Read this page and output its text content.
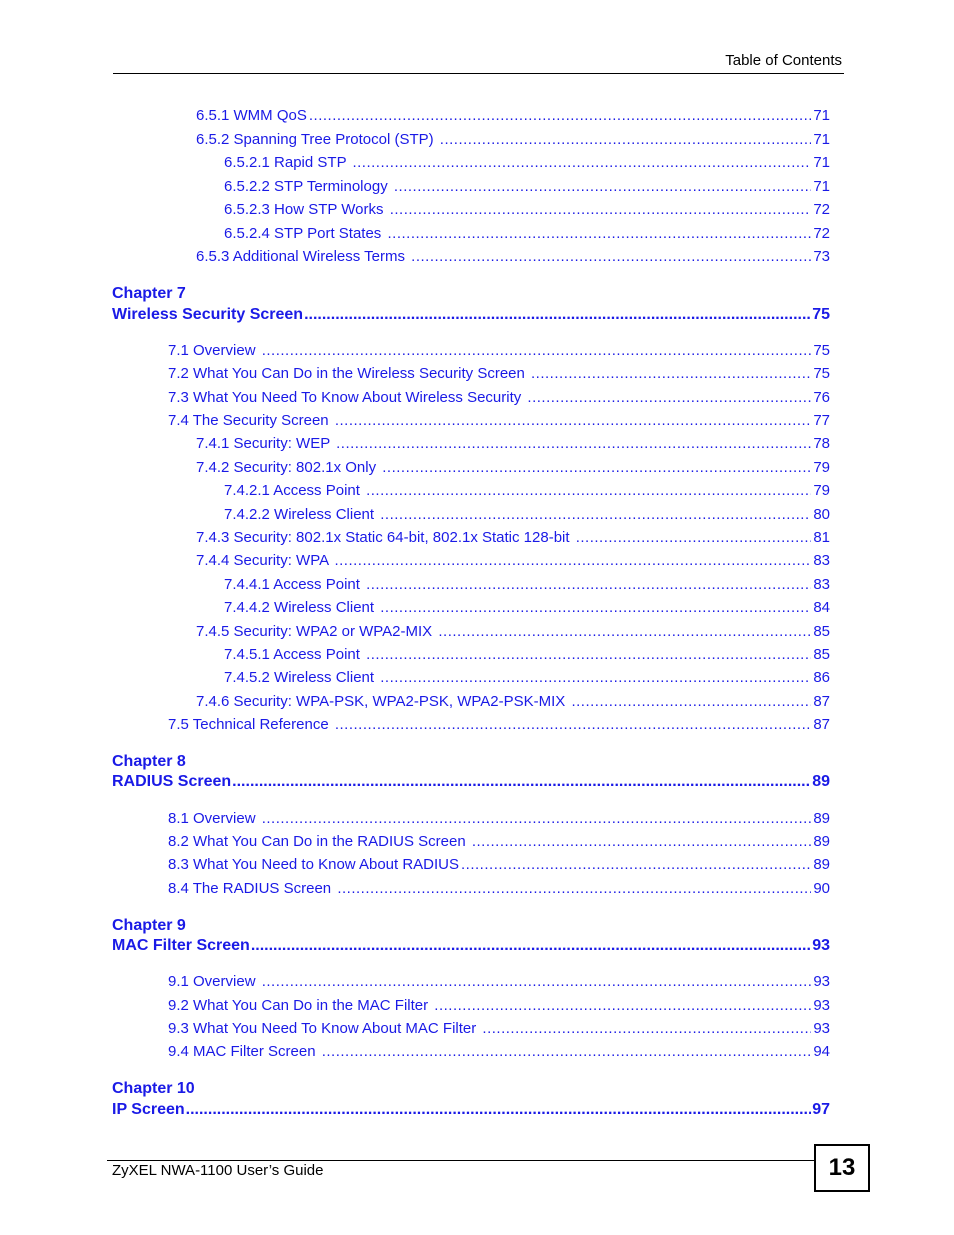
Table of Contents
6.5.1 WMM QoS .....	71
6.5.2 Spanning Tree Protocol (STP) .....	71
6.5.2.1 Rapid STP .....	71
6.5.2.2 STP Terminology .....	71
6.5.2.3 How STP Works .....	72
6.5.2.4 STP Port States .....	72
6.5.3 Additional Wireless Terms .....	73
Chapter 7
Wireless Security Screen .....	75
7.1 Overview .....	75
7.2 What You Can Do in the Wireless Security Screen .....	75
7.3 What You Need To Know About Wireless Security .....	76
7.4 The Security Screen .....	77
7.4.1 Security: WEP .....	78
7.4.2 Security: 802.1x Only .....	79
7.4.2.1 Access Point .....	79
7.4.2.2 Wireless Client .....	80
7.4.3 Security: 802.1x Static 64-bit, 802.1x Static 128-bit .....	81
7.4.4 Security: WPA .....	83
7.4.4.1 Access Point .....	83
7.4.4.2 Wireless Client .....	84
7.4.5 Security: WPA2 or WPA2-MIX .....	85
7.4.5.1 Access Point .....	85
7.4.5.2 Wireless Client .....	86
7.4.6 Security: WPA-PSK, WPA2-PSK, WPA2-PSK-MIX .....	87
7.5 Technical Reference .....	87
Chapter 8
RADIUS Screen .....	89
8.1 Overview .....	89
8.2 What You Can Do in the RADIUS Screen .....	89
8.3 What You Need to Know About RADIUS .....	89
8.4 The RADIUS Screen .....	90
Chapter 9
MAC Filter Screen .....	93
9.1 Overview .....	93
9.2 What You Can Do in the MAC Filter .....	93
9.3 What You Need To Know About MAC Filter .....	93
9.4 MAC Filter Screen .....	94
Chapter 10
IP Screen .....	97
ZyXEL NWA-1100 User’s Guide	13
